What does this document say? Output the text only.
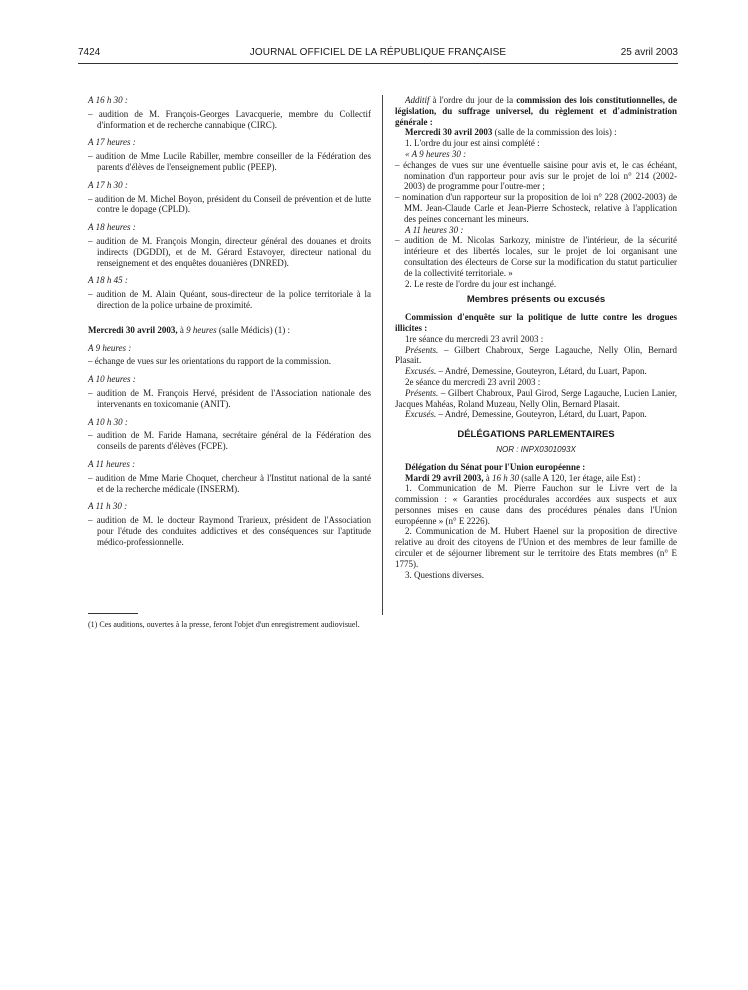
7424	JOURNAL OFFICIEL DE LA RÉPUBLIQUE FRANÇAISE	25 avril 2003

A 16 h 30 :

– audition de M. François-Georges Lavacquerie, membre du Collectif d'information et de recherche cannabique (CIRC).

A 17 heures :

– audition de Mme Lucile Rabiller, membre conseiller de la Fédération des parents d'élèves de l'enseignement public (PEEP).

A 17 h 30 :

– audition de M. Michel Boyon, président du Conseil de prévention et de lutte contre le dopage (CPLD).

A 18 heures :

– audition de M. François Mongin, directeur général des douanes et droits indirects (DGDDI), et de M. Gérard Estavoyer, directeur national du renseignement et des enquêtes douanières (DNRED).

A 18 h 45 :

– audition de M. Alain Quéant, sous-directeur de la police territoriale à la direction de la police urbaine de proximité.

Mercredi 30 avril 2003, à 9 heures (salle Médicis) (1) :

A 9 heures :

– échange de vues sur les orientations du rapport de la commission.

A 10 heures :

– audition de M. François Hervé, président de l'Association nationale des intervenants en toxicomanie (ANIT).

A 10 h 30 :

– audition de M. Faride Hamana, secrétaire général de la Fédération des conseils de parents d'élèves (FCPE).

A 11 heures :

– audition de Mme Marie Choquet, chercheur à l'Institut national de la santé et de la recherche médicale (INSERM).

A 11 h 30 :

– audition de M. le docteur Raymond Trarieux, président de l'Association pour l'étude des conduites addictives et des conséquences sur l'aptitude médico-professionnelle.

(1) Ces auditions, ouvertes à la presse, feront l'objet d'un enregistrement audiovisuel.

Additif à l'ordre du jour de la commission des lois constitutionnelles, de législation, du suffrage universel, du règlement et d'administration générale :

Mercredi 30 avril 2003 (salle de la commission des lois) :

1. L'ordre du jour est ainsi complété :

« A 9 heures 30 :

– échanges de vues sur une éventuelle saisine pour avis et, le cas échéant, nomination d'un rapporteur pour avis sur le projet de loi n° 214 (2002-2003) de programme pour l'outre-mer ;

– nomination d'un rapporteur sur la proposition de loi n° 228 (2002-2003) de MM. Jean-Claude Carle et Jean-Pierre Schosteck, relative à l'application des peines concernant les mineurs.

A 11 heures 30 :

– audition de M. Nicolas Sarkozy, ministre de l'intérieur, de la sécurité intérieure et des libertés locales, sur le projet de loi organisant une consultation des électeurs de Corse sur la modification du statut particulier de la collectivité territoriale. »

2. Le reste de l'ordre du jour est inchangé.

Membres présents ou excusés

Commission d'enquête sur la politique de lutte contre les drogues illicites :

1re séance du mercredi 23 avril 2003 :

Présents. – Gilbert Chabroux, Serge Lagauche, Nelly Olin, Bernard Plasait.

Excusés. – André, Demessine, Gouteyron, Létard, du Luart, Papon.

2e séance du mercredi 23 avril 2003 :

Présents. – Gilbert Chabroux, Paul Girod, Serge Lagauche, Lucien Lanier, Jacques Mahéas, Roland Muzeau, Nelly Olin, Bernard Plasait.

Excusés. – André, Demessine, Gouteyron, Létard, du Luart, Papon.

DÉLÉGATIONS PARLEMENTAIRES

NOR : INPX0301093X

Délégation du Sénat pour l'Union européenne :

Mardi 29 avril 2003, à 16 h 30 (salle A 120, 1er étage, aile Est) :

1. Communication de M. Pierre Fauchon sur le Livre vert de la commission : « Garanties procédurales accordées aux suspects et aux personnes mises en cause dans des procédures pénales dans l'Union européenne » (n° E 2226).

2. Communication de M. Hubert Haenel sur la proposition de directive relative au droit des citoyens de l'Union et des membres de leur famille de circuler et de séjourner librement sur le territoire des Etats membres (n° E 1775).

3. Questions diverses.
